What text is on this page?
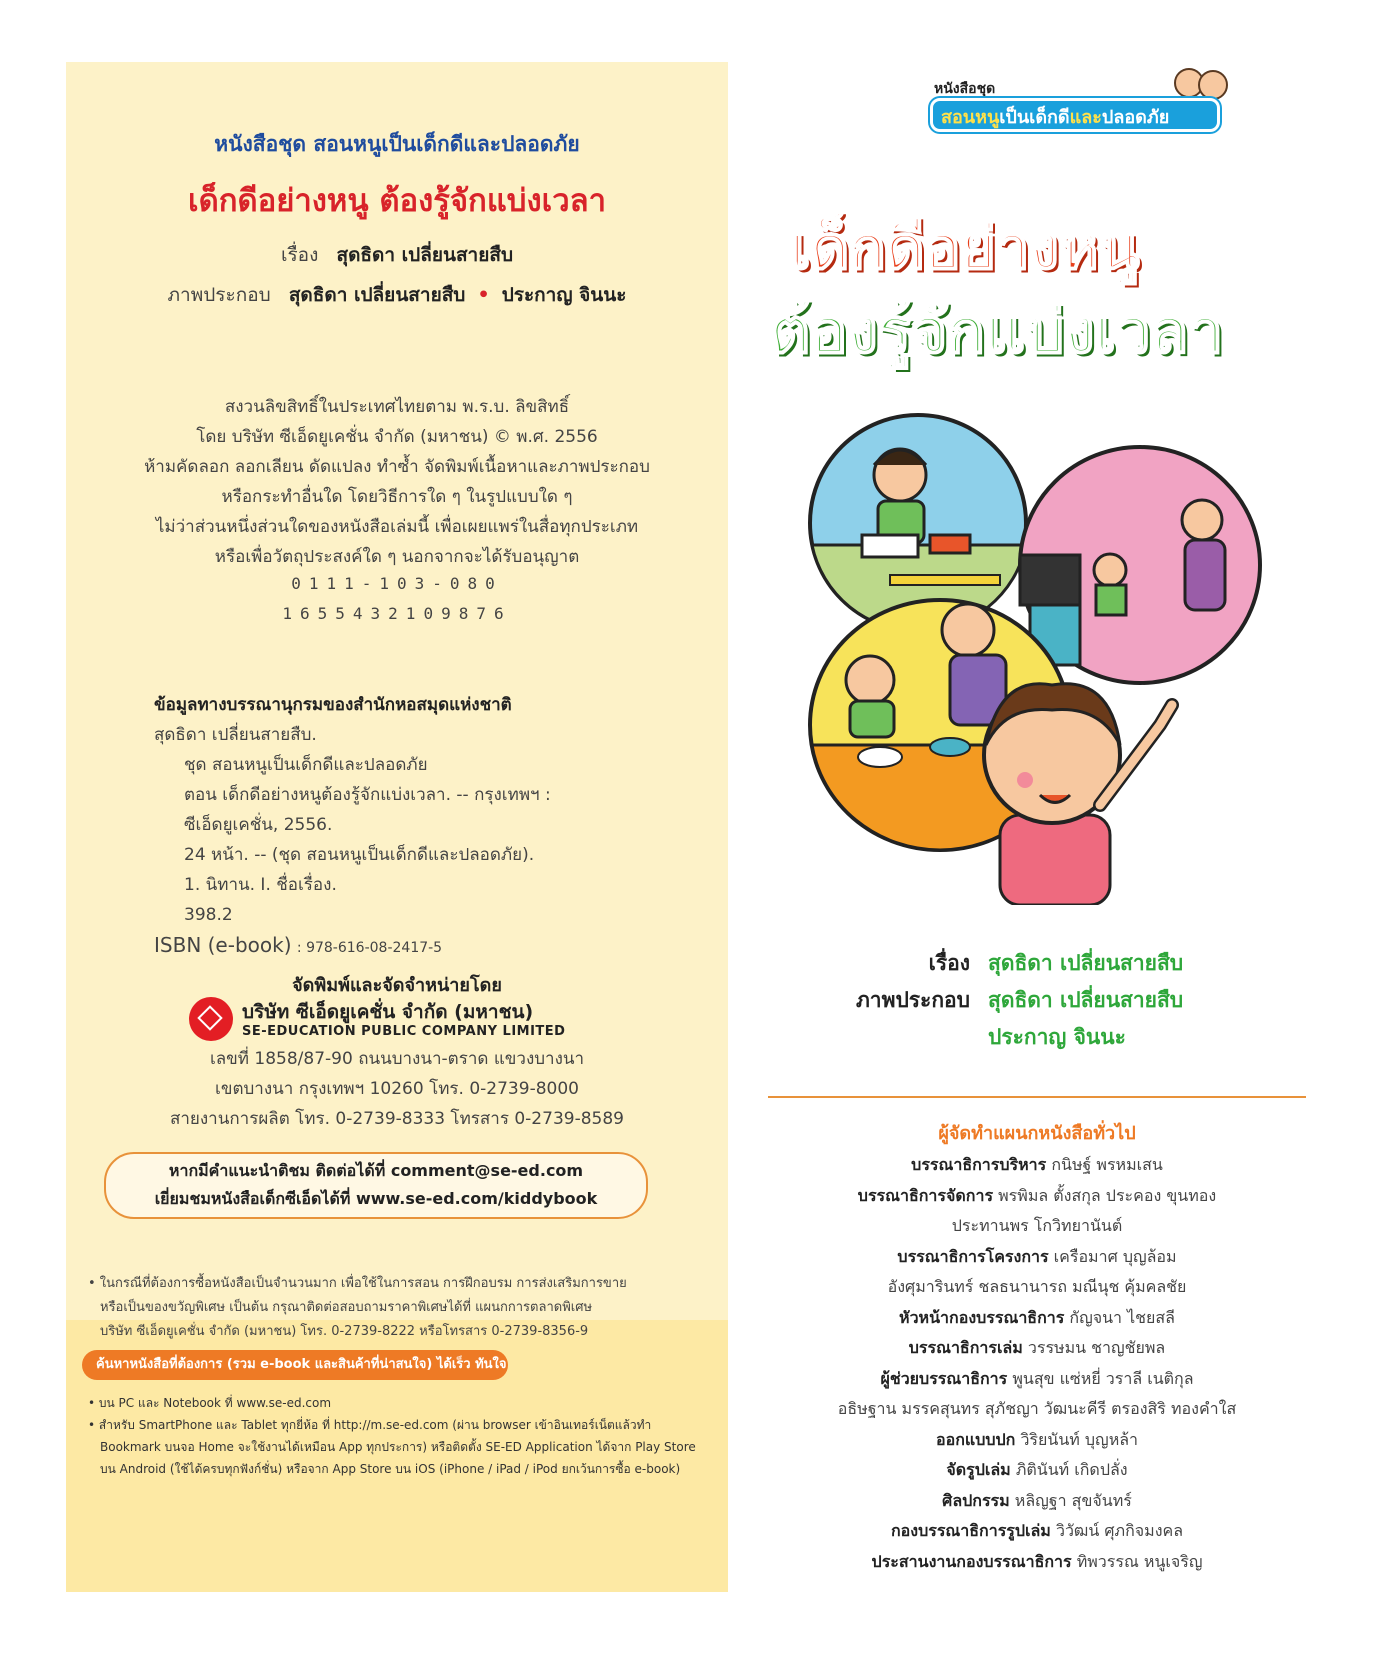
หนังสือชุด สอนหนูเป็นเด็กดีและปลอดภัย
เด็กดีอย่างหนู ต้องรู้จักแบ่งเวลา
เรื่อง สุดธิดา เปลี่ยนสายสืบ
ภาพประกอบ สุดธิดา เปลี่ยนสายสืบ • ประกาญ จินนะ
สงวนลิขสิทธิ์ในประเทศไทยตาม พ.ร.บ. ลิขสิทธิ์
โดย บริษัท ซีเอ็ดยูเคชั่น จำกัด (มหาชน) © พ.ศ. 2556
ห้ามคัดลอก ลอกเลียน ดัดแปลง ทำซ้ำ จัดพิมพ์เนื้อหาและภาพประกอบ
หรือกระทำอื่นใด โดยวิธีการใด ๆ ในรูปแบบใด ๆ
ไม่ว่าส่วนหนึ่งส่วนใดของหนังสือเล่มนี้ เพื่อเผยแพร่ในสื่อทุกประเภท
หรือเพื่อวัตถุประสงค์ใด ๆ นอกจากจะได้รับอนุญาต
0111-103-080
1655432109876
ข้อมูลทางบรรณานุกรมของสำนักหอสมุดแห่งชาติ
สุดธิดา เปลี่ยนสายสืบ.
ชุด สอนหนูเป็นเด็กดีและปลอดภัย
ตอน เด็กดีอย่างหนูต้องรู้จักแบ่งเวลา. -- กรุงเทพฯ :
ซีเอ็ดยูเคชั่น, 2556.
24 หน้า. -- (ชุด สอนหนูเป็นเด็กดีและปลอดภัย).
1. นิทาน. I. ชื่อเรื่อง.
398.2
ISBN (e-book) : 978-616-08-2417-5
จัดพิมพ์และจัดจำหน่ายโดย
บริษัท ซีเอ็ดยูเคชั่น จำกัด (มหาชน)
SE-EDUCATION PUBLIC COMPANY LIMITED
เลขที่ 1858/87-90 ถนนบางนา-ตราด แขวงบางนา
เขตบางนา กรุงเทพฯ 10260 โทร. 0-2739-8000
สายงานการผลิต โทร. 0-2739-8333 โทรสาร 0-2739-8589
หากมีคำแนะนำติชม ติดต่อได้ที่ comment@se-ed.com
เยี่ยมชมหนังสือเด็กซีเอ็ดได้ที่ www.se-ed.com/kiddybook
• ในกรณีที่ต้องการซื้อหนังสือเป็นจำนวนมาก เพื่อใช้ในการสอน การฝึกอบรม การส่งเสริมการขาย
หรือเป็นของขวัญพิเศษ เป็นต้น กรุณาติดต่อสอบถามราคาพิเศษได้ที่ แผนกการตลาดพิเศษ
บริษัท ซีเอ็ดยูเคชั่น จำกัด (มหาชน) โทร. 0-2739-8222 หรือโทรสาร 0-2739-8356-9
ค้นหาหนังสือที่ต้องการ (รวม e-book และสินค้าที่น่าสนใจ) ได้เร็ว ทันใจ
• บน PC และ Notebook ที่ www.se-ed.com
• สำหรับ SmartPhone และ Tablet ทุกยี่ห้อ ที่ http://m.se-ed.com (ผ่าน browser เข้าอินเทอร์เน็ตแล้วทำ
Bookmark บนจอ Home จะใช้งานได้เหมือน App ทุกประการ) หรือติดตั้ง SE-ED Application ได้จาก Play Store
บน Android (ใช้ได้ครบทุกฟังก์ชั่น) หรือจาก App Store บน iOS (iPhone / iPad / iPod ยกเว้นการซื้อ e-book)
หนังสือชุด
สอนหนูเป็นเด็กดีและปลอดภัย
เด็กดีอย่างหนู
ต้องรู้จักแบ่งเวลา
เรื่อง สุดธิดา เปลี่ยนสายสืบ
ภาพประกอบ สุดธิดา เปลี่ยนสายสืบ
ประกาญ จินนะ
ผู้จัดทำแผนกหนังสือทั่วไป
บรรณาธิการบริหาร กนิษฐ์ พรหมเสน
บรรณาธิการจัดการ พรพิมล ตั้งสกุล ประคอง ขุนทอง
ประทานพร โกวิทยานันต์
บรรณาธิการโครงการ เครือมาศ บุญล้อม
อังศุมารินทร์ ชลธนานารถ มณีนุช คุ้มคลชัย
หัวหน้ากองบรรณาธิการ กัญจนา ไชยสลี
บรรณาธิการเล่ม วรรษมน ชาญชัยพล
ผู้ช่วยบรรณาธิการ พูนสุข แซ่หยี่ วราลี เนติกุล
อธิษฐาน มรรคสุนทร สุภัชญา วัฒนะคีรี ตรองสิริ ทองคำใส
ออกแบบปก วิริยนันท์ บุญหล้า
จัดรูปเล่ม ภิตินันท์ เกิดปลั่ง
ศิลปกรรม หลิญฐา สุขจันทร์
กองบรรณาธิการรูปเล่ม วิวัฒน์ ศุภกิจมงคล
ประสานงานกองบรรณาธิการ ทิพวรรณ หนูเจริญ
